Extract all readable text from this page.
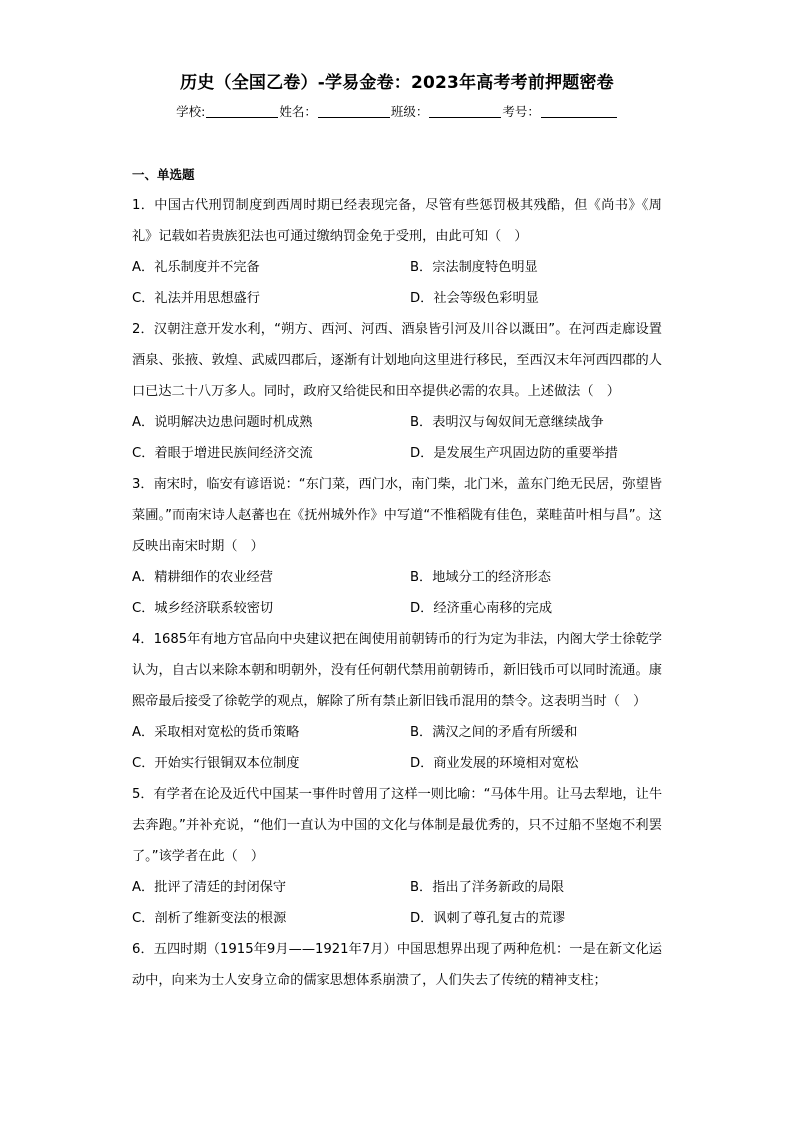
历史（全国乙卷）-学易金卷：2023年高考考前押题密卷
学校:	姓名：	班级：	考号：
一、单选题
1．中国古代刑罚制度到西周时期已经表现完备，尽管有些惩罚极其残酷，但《尚书》《周礼》记载如若贵族犯法也可通过缴纳罚金免于受刑，由此可知（　）
A．礼乐制度并不完备	B．宗法制度特色明显
C．礼法并用思想盛行	D．社会等级色彩明显
2．汉朝注意开发水利，“朔方、西河、河西、酒泉皆引河及川谷以溉田”。在河西走廊设置酒泉、张掖、敦煌、武威四郡后，逐渐有计划地向这里进行移民，至西汉末年河西四郡的人口已达二十八万多人。同时，政府又给徙民和田卒提供必需的农具。上述做法（　）
A．说明解决边患问题时机成熟	B．表明汉与匈奴间无意继续战争
C．着眼于增进民族间经济交流	D．是发展生产巩固边防的重要举措
3．南宋时，临安有谚语说：“东门菜，西门水，南门柴，北门米，盖东门绝无民居，弥望皆菜圃。”而南宋诗人赵蕃也在《抚州城外作》中写道“不惟稻陇有佳色，菜畦苗叶相与昌”。这反映出南宋时期（　）
A．精耕细作的农业经营	B．地域分工的经济形态
C．城乡经济联系较密切	D．经济重心南移的完成
4．1685年有地方官品向中央建议把在闽使用前朝铸币的行为定为非法，内阁大学士徐乾学认为，自古以来除本朝和明朝外，没有任何朝代禁用前朝铸币，新旧钱币可以同时流通。康熙帝最后接受了徐乾学的观点，解除了所有禁止新旧钱币混用的禁令。这表明当时（　）
A．采取相对宽松的货币策略	B．满汉之间的矛盾有所缓和
C．开始实行银铜双本位制度	D．商业发展的环境相对宽松
5．有学者在论及近代中国某一事件时曾用了这样一则比喻：“马体牛用。让马去犁地，让牛去奔跑。”并补充说，“他们一直认为中国的文化与体制是最优秀的，只不过船不坚炮不利罢了。”该学者在此（　）
A．批评了清廷的封闭保守	B．指出了洋务新政的局限
C．剖析了维新变法的根源	D．讽刺了尊孔复古的荒谬
6．五四时期（1915年9月——1921年7月）中国思想界出现了两种危机：一是在新文化运动中，向来为士人安身立命的儒家思想体系崩溃了，人们失去了传统的精神支柱；
